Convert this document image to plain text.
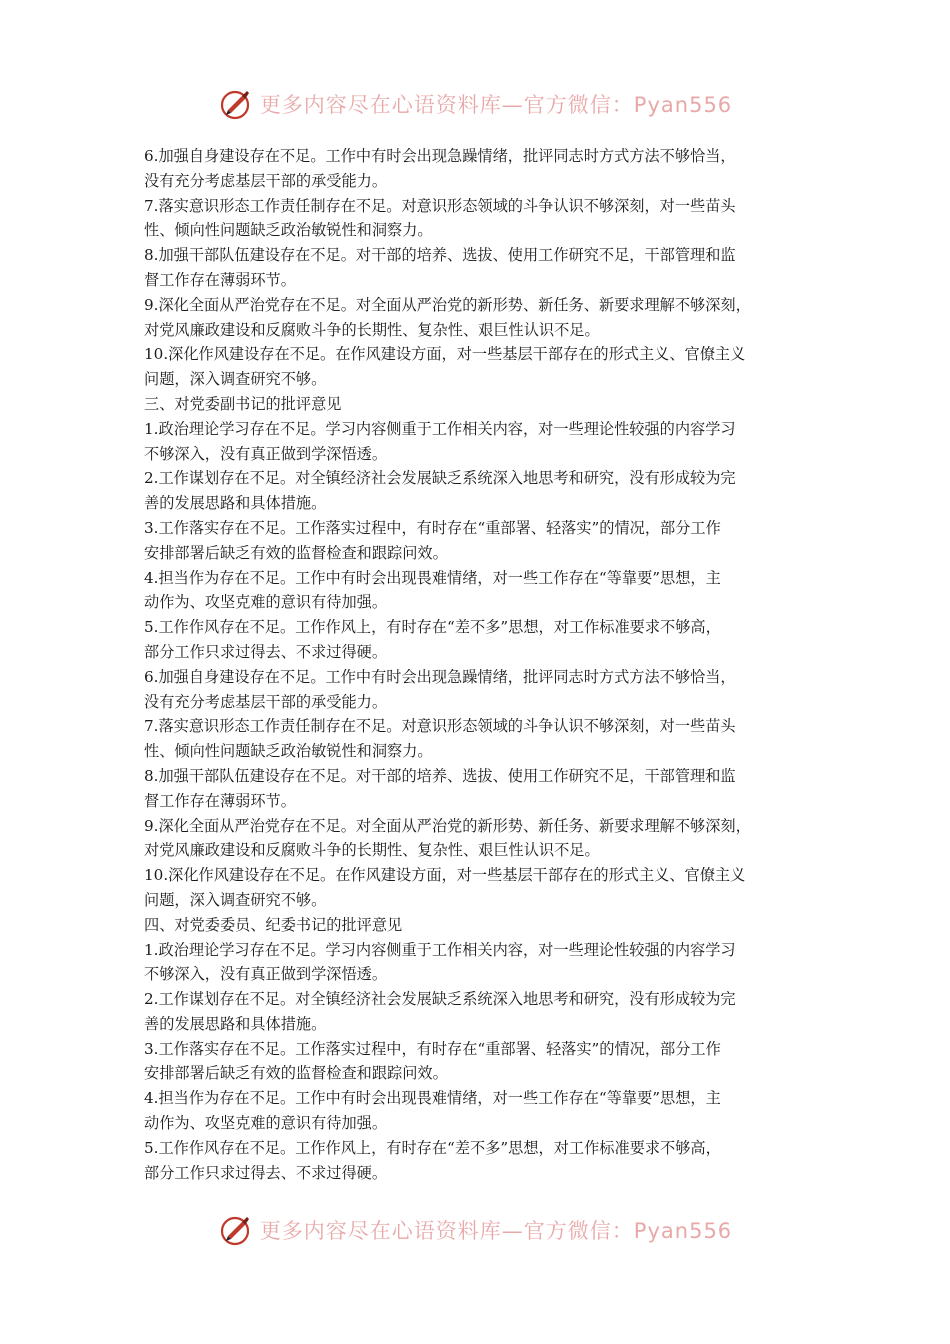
更多内容尽在心语资料库—官方微信：Pyan556
6.加强自身建设存在不足。工作中有时会出现急躁情绪，批评同志时方式方法不够恰当，
没有充分考虑基层干部的承受能力。
7.落实意识形态工作责任制存在不足。对意识形态领域的斗争认识不够深刻，对一些苗头
性、倾向性问题缺乏政治敏锐性和洞察力。
8.加强干部队伍建设存在不足。对干部的培养、选拔、使用工作研究不足，干部管理和监
督工作存在薄弱环节。
9.深化全面从严治党存在不足。对全面从严治党的新形势、新任务、新要求理解不够深刻，
对党风廉政建设和反腐败斗争的长期性、复杂性、艰巨性认识不足。
10.深化作风建设存在不足。在作风建设方面，对一些基层干部存在的形式主义、官僚主义
问题，深入调查研究不够。
三、对党委副书记的批评意见
1.政治理论学习存在不足。学习内容侧重于工作相关内容，对一些理论性较强的内容学习
不够深入，没有真正做到学深悟透。
2.工作谋划存在不足。对全镇经济社会发展缺乏系统深入地思考和研究，没有形成较为完
善的发展思路和具体措施。
3.工作落实存在不足。工作落实过程中，有时存在“重部署、轻落实”的情况，部分工作
安排部署后缺乏有效的监督检查和跟踪问效。
4.担当作为存在不足。工作中有时会出现畏难情绪，对一些工作存在“等靠要”思想，主
动作为、攻坚克难的意识有待加强。
5.工作作风存在不足。工作作风上，有时存在“差不多”思想，对工作标准要求不够高，
部分工作只求过得去、不求过得硬。
6.加强自身建设存在不足。工作中有时会出现急躁情绪，批评同志时方式方法不够恰当，
没有充分考虑基层干部的承受能力。
7.落实意识形态工作责任制存在不足。对意识形态领域的斗争认识不够深刻，对一些苗头
性、倾向性问题缺乏政治敏锐性和洞察力。
8.加强干部队伍建设存在不足。对干部的培养、选拔、使用工作研究不足，干部管理和监
督工作存在薄弱环节。
9.深化全面从严治党存在不足。对全面从严治党的新形势、新任务、新要求理解不够深刻，
对党风廉政建设和反腐败斗争的长期性、复杂性、艰巨性认识不足。
10.深化作风建设存在不足。在作风建设方面，对一些基层干部存在的形式主义、官僚主义
问题，深入调查研究不够。
四、对党委委员、纪委书记的批评意见
1.政治理论学习存在不足。学习内容侧重于工作相关内容，对一些理论性较强的内容学习
不够深入，没有真正做到学深悟透。
2.工作谋划存在不足。对全镇经济社会发展缺乏系统深入地思考和研究，没有形成较为完
善的发展思路和具体措施。
3.工作落实存在不足。工作落实过程中，有时存在“重部署、轻落实”的情况，部分工作
安排部署后缺乏有效的监督检查和跟踪问效。
4.担当作为存在不足。工作中有时会出现畏难情绪，对一些工作存在“等靠要”思想，主
动作为、攻坚克难的意识有待加强。
5.工作作风存在不足。工作作风上，有时存在“差不多”思想，对工作标准要求不够高，
部分工作只求过得去、不求过得硬。
更多内容尽在心语资料库—官方微信：Pyan556
